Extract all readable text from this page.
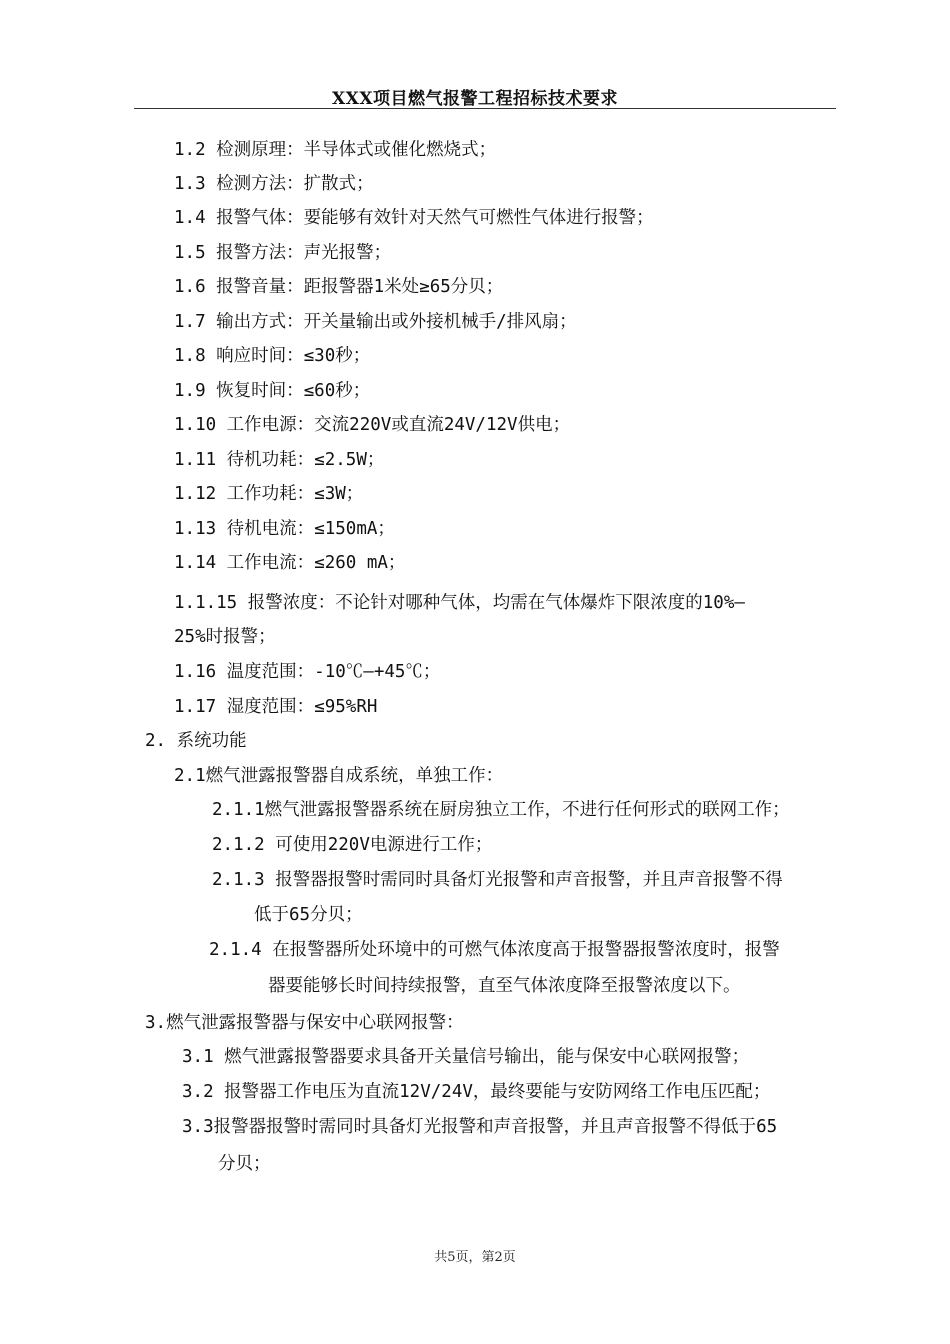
XXX项目燃气报警工程招标技术要求
1.2 检测原理：半导体式或催化燃烧式；
1.3 检测方法：扩散式；
1.4 报警气体：要能够有效针对天然气可燃性气体进行报警；
1.5 报警方法：声光报警；
1.6 报警音量：距报警器1米处≥65分贝；
1.7 输出方式：开关量输出或外接机械手/排风扇；
1.8 响应时间：≤30秒；
1.9 恢复时间：≤60秒；
1.10 工作电源：交流220V或直流24V/12V供电；
1.11 待机功耗：≤2.5W；
1.12 工作功耗：≤3W；
1.13 待机电流：≤150mA；
1.14 工作电流：≤260 mA；
1.1.15 报警浓度：不论针对哪种气体，均需在气体爆炸下限浓度的10%—
25%时报警；
1.16 温度范围：-10℃—+45℃；
1.17 湿度范围：≤95%RH
2. 系统功能
2.1燃气泄露报警器自成系统，单独工作：
2.1.1燃气泄露报警器系统在厨房独立工作，不进行任何形式的联网工作；
2.1.2 可使用220V电源进行工作；
2.1.3 报警器报警时需同时具备灯光报警和声音报警，并且声音报警不得
低于65分贝；
2.1.4 在报警器所处环境中的可燃气体浓度高于报警器报警浓度时，报警
器要能够长时间持续报警，直至气体浓度降至报警浓度以下。
3.燃气泄露报警器与保安中心联网报警：
3.1 燃气泄露报警器要求具备开关量信号输出，能与保安中心联网报警；
3.2 报警器工作电压为直流12V/24V，最终要能与安防网络工作电压匹配；
3.3报警器报警时需同时具备灯光报警和声音报警，并且声音报警不得低于65
分贝；
共5页，第2页
